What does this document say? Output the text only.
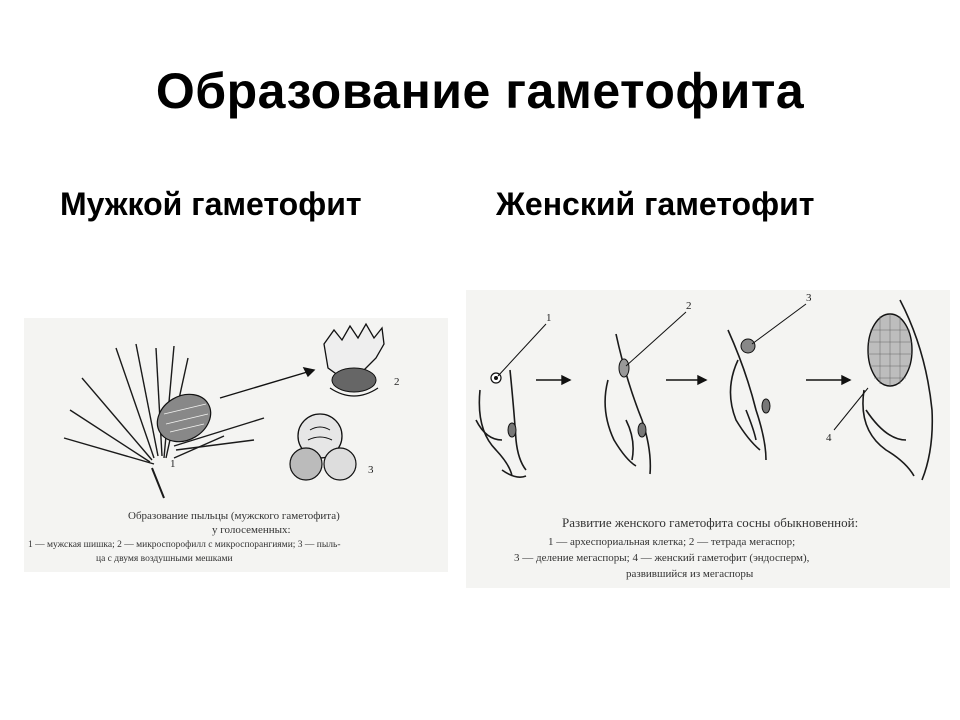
Образование гаметофита
Мужкой гаметофит	Женский гаметофит
1
2
3
Образование пыльцы (мужского гаметофита)
у голосеменных:
1 — мужская шишка; 2 — микроспорофилл с микроспорангиями; 3 — пыль-
ца с двумя воздушными мешками
1
2
3
4
Развитие женского гаметофита сосны обыкновенной:
1 — археспориальная клетка; 2 — тетрада мегаспор;
3 — деление мегаспоры; 4 — женский гаметофит (эндосперм),
развившийся из мегаспоры
